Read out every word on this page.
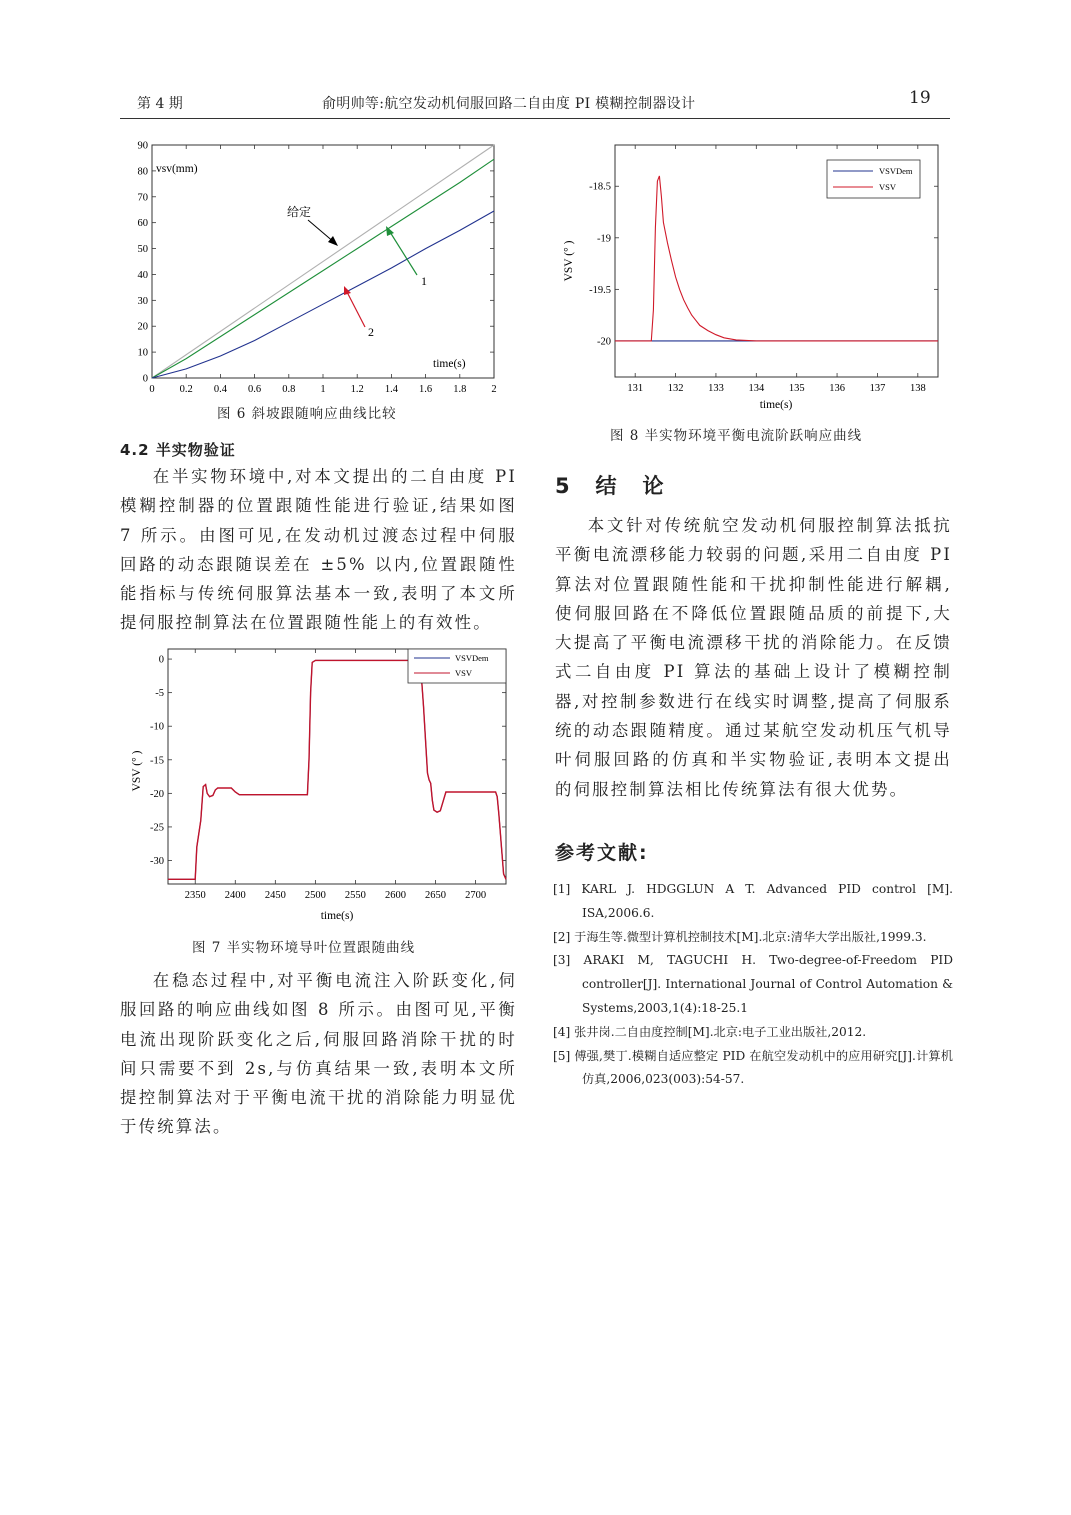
第 4 期	俞明帅等:航空发动机伺服回路二自由度 PI 模糊控制器设计	19
0 0.2 0.4 0.6 0.8 1 1.2 1.4 1.6 1.8 2
0
10
20
30
40
50
60
70
80
90
vsv(mm)
time(s)
给定
1
2
图 6 斜坡跟随响应曲线比较
4.2 半实物验证

在半实物环境中,对本文提出的二自由度 PI 模糊控制器的位置跟随性能进行验证,结果如图 7 所示。由图可见,在发动机过渡态过程中伺服回路的动态跟随误差在 ±5% 以内,位置跟随性能指标与传统伺服算法基本一致,表明了本文所提伺服控制算法在位置跟随性能上的有效性。

2350 2400 2450 2500 2550 2600 2650 2700
0
-5
-10
-15
-20
-25
-30
VSVDem
VSV
VSV (° )
time(s)
图 7 半实物环境导叶位置跟随曲线

在稳态过程中,对平衡电流注入阶跃变化,伺服回路的响应曲线如图 8 所示。由图可见,平衡电流出现阶跃变化之后,伺服回路消除干扰的时间只需要不到 2s,与仿真结果一致,表明本文所提控制算法对于平衡电流干扰的消除能力明显优于传统算法。

131 132 133 134 135 136 137 138
-18.5
-19
-19.5
-20
VSVDem
VSV
VSV (° )
time(s)
图 8 半实物环境平衡电流阶跃响应曲线
5   结   论

本文针对传统航空发动机伺服控制算法抵抗平衡电流漂移能力较弱的问题,采用二自由度 PI 算法对位置跟随性能和干扰抑制性能进行解耦,使伺服回路在不降低位置跟随品质的前提下,大大提高了平衡电流漂移干扰的消除能力。在反馈式二自由度 PI 算法的基础上设计了模糊控制器,对控制参数进行在线实时调整,提高了伺服系统的动态跟随精度。通过某航空发动机压气机导叶伺服回路的仿真和半实物验证,表明本文提出的伺服控制算法相比传统算法有很大优势。

参考文献:
[1] KARL J. HDGGLUN A T. Advanced PID control [M]. ISA,2006.6.
[2] 于海生等.微型计算机控制技术[M].北京:清华大学出版社,1999.3.
[3] ARAKI M, TAGUCHI H. Two-degree-of-Freedom PID controller[J]. International Journal of Control Automation & Systems,2003,1(4):18-25.1
[4] 张井岗.二自由度控制[M].北京:电子工业出版社,2012.
[5] 傅强,樊丁.模糊自适应整定 PID 在航空发动机中的应用研究[J].计算机仿真,2006,023(003):54-57.
